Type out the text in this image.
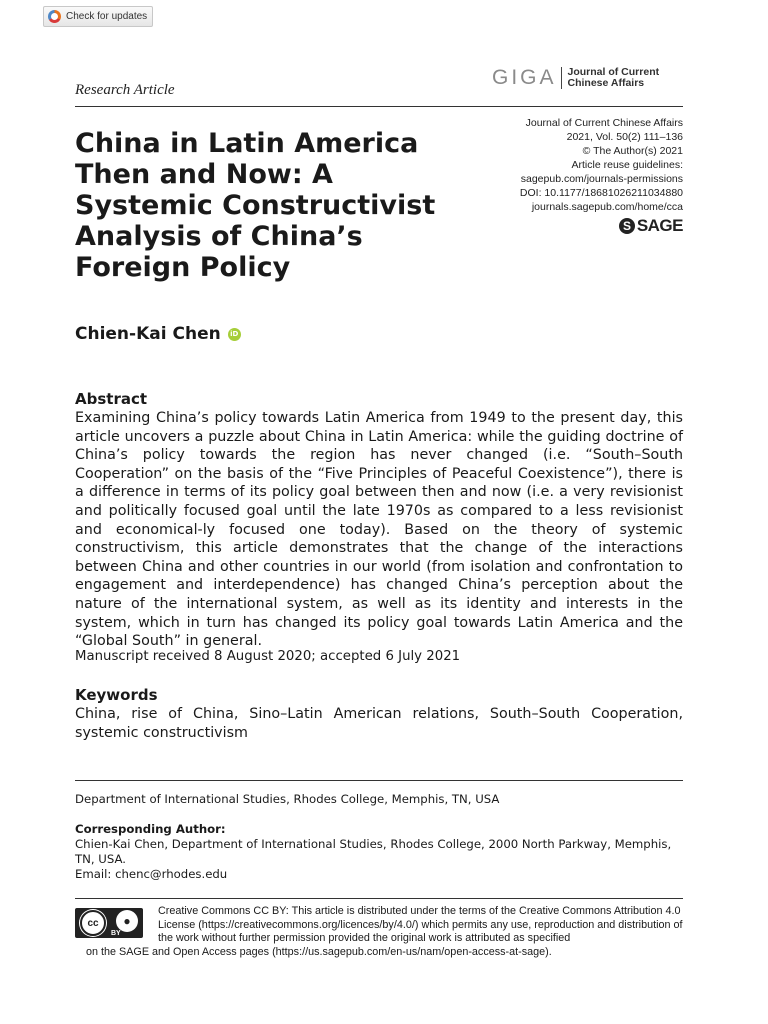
Check for updates
Research Article
GIGA Journal of Current
Chinese Affairs
China in Latin America
Then and Now: A
Systemic Constructivist
Analysis of China’s
Foreign Policy
Journal of Current Chinese Affairs
2021, Vol. 50(2) 111–136
© The Author(s) 2021
Article reuse guidelines:
sagepub.com/journals-permissions
DOI: 10.1177/18681026211034880
journals.sagepub.com/home/cca
S SAGE
Chien-Kai Chen	iD
Abstract
Examining China’s policy towards Latin America from 1949 to the present day, this article uncovers a puzzle about China in Latin America: while the guiding doctrine of China’s policy towards the region has never changed (i.e. “South–South Cooperation” on the basis of the “Five Principles of Peaceful Coexistence”), there is a difference in terms of its policy goal between then and now (i.e. a very revisionist and politically focused goal until the late 1970s as compared to a less revisionist and economical-ly focused one today). Based on the theory of systemic constructivism, this article demonstrates that the change of the interactions between China and other countries in our world (from isolation and confrontation to engagement and interdependence) has changed China’s perception about the nature of the international system, as well as its identity and interests in the system, which in turn has changed its policy goal towards Latin America and the “Global South” in general.
Manuscript received 8 August 2020; accepted 6 July 2021
Keywords
China, rise of China, Sino–Latin American relations, South–South Cooperation, systemic constructivism
Department of International Studies, Rhodes College, Memphis, TN, USA
Corresponding Author:
Chien-Kai Chen, Department of International Studies, Rhodes College, 2000 North Parkway, Memphis, TN, USA.
Email: chenc@rhodes.edu
cc	●
BY
Creative Commons CC BY: This article is distributed under the terms of the Creative Commons Attribution 4.0 License (https://creativecommons.org/licences/by/4.0/) which permits any use, reproduction and distribution of the work without further permission provided the original work is attributed as specified
on the SAGE and Open Access pages (https://us.sagepub.com/en-us/nam/open-access-at-sage).
